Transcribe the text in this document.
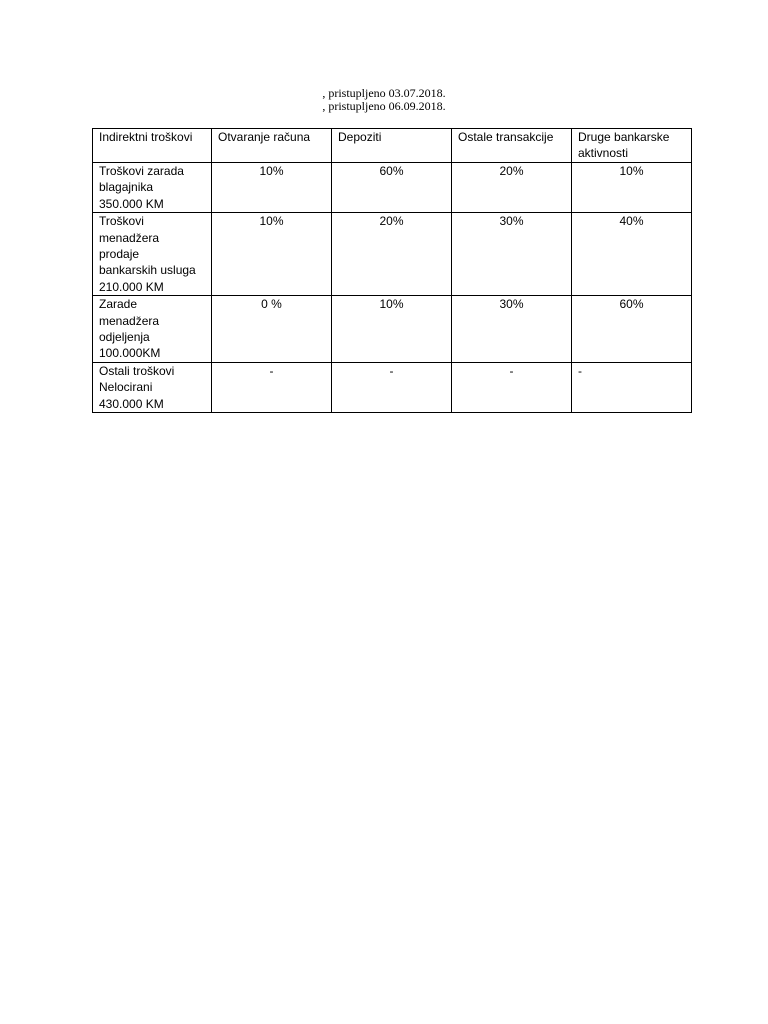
, pristupljeno 03.07.2018.
, pristupljeno 06.09.2018.
Indirektni troškovi	Otvaranje računa	Depoziti	Ostale transakcije	Druge bankarske
aktivnosti

Troškovi zarada
blagajnika
350.000 KM	10%	60%	20%	10%

Troškovi
menadžera
prodaje
bankarskih usluga
210.000 KM	10%	20%	30%	40%

Zarade
menadžera
odjeljenja
100.000KM	0 %	10%	30%	60%

Ostali troškovi
Nelocirani
430.000 KM	-	-	-	-
